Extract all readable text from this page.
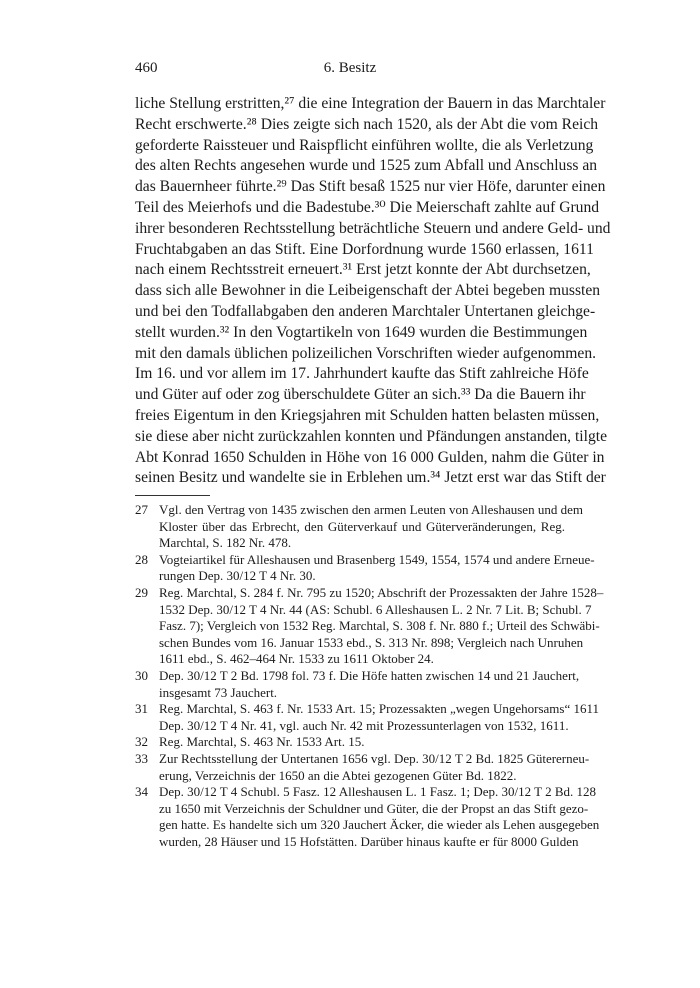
460	6. Besitz
liche Stellung erstritten,²⁷ die eine Integration der Bauern in das Marchtaler
Recht erschwerte.²⁸ Dies zeigte sich nach 1520, als der Abt die vom Reich
geforderte Raissteuer und Raispflicht einführen wollte, die als Verletzung
des alten Rechts angesehen wurde und 1525 zum Abfall und Anschluss an
das Bauernheer führte.²⁹ Das Stift besaß 1525 nur vier Höfe, darunter einen
Teil des Meierhofs und die Badestube.³⁰ Die Meierschaft zahlte auf Grund
ihrer besonderen Rechtsstellung beträchtliche Steuern und andere Geld- und
Fruchtabgaben an das Stift. Eine Dorfordnung wurde 1560 erlassen, 1611
nach einem Rechtsstreit erneuert.³¹ Erst jetzt konnte der Abt durchsetzen,
dass sich alle Bewohner in die Leibeigenschaft der Abtei begeben mussten
und bei den Todfallabgaben den anderen Marchtaler Untertanen gleichge-
stellt wurden.³² In den Vogtartikeln von 1649 wurden die Bestimmungen
mit den damals üblichen polizeilichen Vorschriften wieder aufgenommen.
Im 16. und vor allem im 17. Jahrhundert kaufte das Stift zahlreiche Höfe
und Güter auf oder zog überschuldete Güter an sich.³³ Da die Bauern ihr
freies Eigentum in den Kriegsjahren mit Schulden hatten belasten müssen,
sie diese aber nicht zurückzahlen konnten und Pfändungen anstanden, tilgte
Abt Konrad 1650 Schulden in Höhe von 16 000 Gulden, nahm die Güter in
seinen Besitz und wandelte sie in Erblehen um.³⁴ Jetzt erst war das Stift der
27 Vgl. den Vertrag von 1435 zwischen den armen Leuten von Alleshausen und dem
Kloster über das Erbrecht, den Güterverkauf und Güterveränderungen, Reg.
Marchtal, S. 182 Nr. 478.
28 Vogteiartikel für Alleshausen und Brasenberg 1549, 1554, 1574 und andere Erneue-
rungen Dep. 30/12 T 4 Nr. 30.
29 Reg. Marchtal, S. 284 f. Nr. 795 zu 1520; Abschrift der Prozessakten der Jahre 1528–
1532 Dep. 30/12 T 4 Nr. 44 (AS: Schubl. 6 Alleshausen L. 2 Nr. 7 Lit. B; Schubl. 7
Fasz. 7); Vergleich von 1532 Reg. Marchtal, S. 308 f. Nr. 880 f.; Urteil des Schwäbi-
schen Bundes vom 16. Januar 1533 ebd., S. 313 Nr. 898; Vergleich nach Unruhen
1611 ebd., S. 462–464 Nr. 1533 zu 1611 Oktober 24.
30 Dep. 30/12 T 2 Bd. 1798 fol. 73 f. Die Höfe hatten zwischen 14 und 21 Jauchert,
insgesamt 73 Jauchert.
31 Reg. Marchtal, S. 463 f. Nr. 1533 Art. 15; Prozessakten „wegen Ungehorsams“ 1611
Dep. 30/12 T 4 Nr. 41, vgl. auch Nr. 42 mit Prozessunterlagen von 1532, 1611.
32 Reg. Marchtal, S. 463 Nr. 1533 Art. 15.
33 Zur Rechtsstellung der Untertanen 1656 vgl. Dep. 30/12 T 2 Bd. 1825 Gütererneu-
erung, Verzeichnis der 1650 an die Abtei gezogenen Güter Bd. 1822.
34 Dep. 30/12 T 4 Schubl. 5 Fasz. 12 Alleshausen L. 1 Fasz. 1; Dep. 30/12 T 2 Bd. 128
zu 1650 mit Verzeichnis der Schuldner und Güter, die der Propst an das Stift gezo-
gen hatte. Es handelte sich um 320 Jauchert Äcker, die wieder als Lehen ausgegeben
wurden, 28 Häuser und 15 Hofstätten. Darüber hinaus kaufte er für 8000 Gulden
